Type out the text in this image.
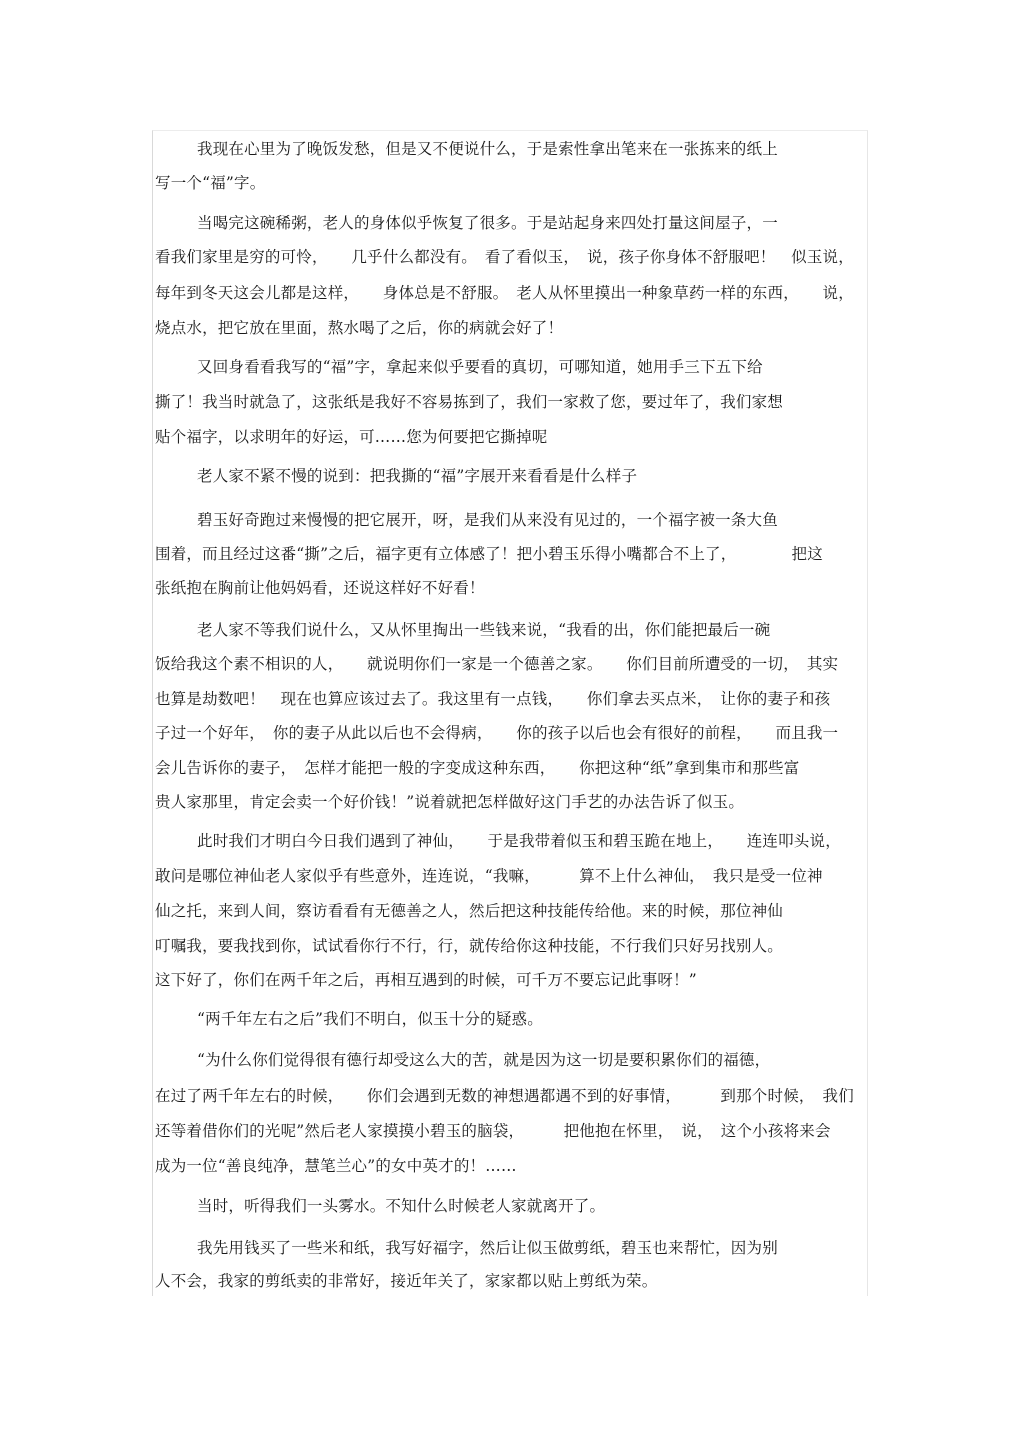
我现在心里为了晚饭发愁，但是又不便说什么，于是索性拿出笔来在一张拣来的纸上
写一个“福”字。
当喝完这碗稀粥，老人的身体似乎恢复了很多。于是站起身来四处打量这间屋子，一
看我们家里是穷的可怜，　　几乎什么都没有。　看了看似玉，　说，孩子你身体不舒服吧！　似玉说，
每年到冬天这会儿都是这样，　　身体总是不舒服。　老人从怀里摸出一种象草药一样的东西，　　说，
烧点水，把它放在里面，熬水喝了之后，你的病就会好了！
又回身看看我写的“福”字，拿起来似乎要看的真切，可哪知道，她用手三下五下给
撕了！我当时就急了，这张纸是我好不容易拣到了，我们一家救了您，要过年了，我们家想
贴个福字，以求明年的好运，可……您为何要把它撕掉呢
老人家不紧不慢的说到：把我撕的“福”字展开来看看是什么样子
碧玉好奇跑过来慢慢的把它展开，呀，是我们从来没有见过的，一个福字被一条大鱼
围着，而且经过这番“撕”之后，福字更有立体感了！把小碧玉乐得小嘴都合不上了，　　　　把这
张纸抱在胸前让他妈妈看，还说这样好不好看！
老人家不等我们说什么，又从怀里掏出一些钱来说，“我看的出，你们能把最后一碗
饭给我这个素不相识的人，　　就说明你们一家是一个德善之家。　　你们目前所遭受的一切，　其实
也算是劫数吧！　现在也算应该过去了。我这里有一点钱，　　你们拿去买点米，　让你的妻子和孩
子过一个好年，　你的妻子从此以后也不会得病，　　你的孩子以后也会有很好的前程，　　而且我一
会儿告诉你的妻子，　怎样才能把一般的字变成这种东西，　　你把这种“纸”拿到集市和那些富
贵人家那里，肯定会卖一个好价钱！”说着就把怎样做好这门手艺的办法告诉了似玉。
此时我们才明白今日我们遇到了神仙，　　于是我带着似玉和碧玉跪在地上，　　连连叩头说，
敢问是哪位神仙老人家似乎有些意外，连连说，“我嘛，　　　算不上什么神仙，　我只是受一位神
仙之托，来到人间，察访看看有无德善之人，然后把这种技能传给他。来的时候，那位神仙
叮嘱我，要我找到你，试试看你行不行，行，就传给你这种技能，不行我们只好另找别人。
这下好了，你们在两千年之后，再相互遇到的时候，可千万不要忘记此事呀！”
“两千年左右之后”我们不明白，似玉十分的疑惑。
“为什么你们觉得很有德行却受这么大的苦，就是因为这一切是要积累你们的福德，
在过了两千年左右的时候，　　你们会遇到无数的神想遇都遇不到的好事情，　　　到那个时候，　我们
还等着借你们的光呢”然后老人家摸摸小碧玉的脑袋，　　　把他抱在怀里，　说，　这个小孩将来会
成为一位“善良纯净，慧笔兰心”的女中英才的！……
当时，听得我们一头雾水。不知什么时候老人家就离开了。
我先用钱买了一些米和纸，我写好福字，然后让似玉做剪纸，碧玉也来帮忙，因为别
人不会，我家的剪纸卖的非常好，接近年关了，家家都以贴上剪纸为荣。
